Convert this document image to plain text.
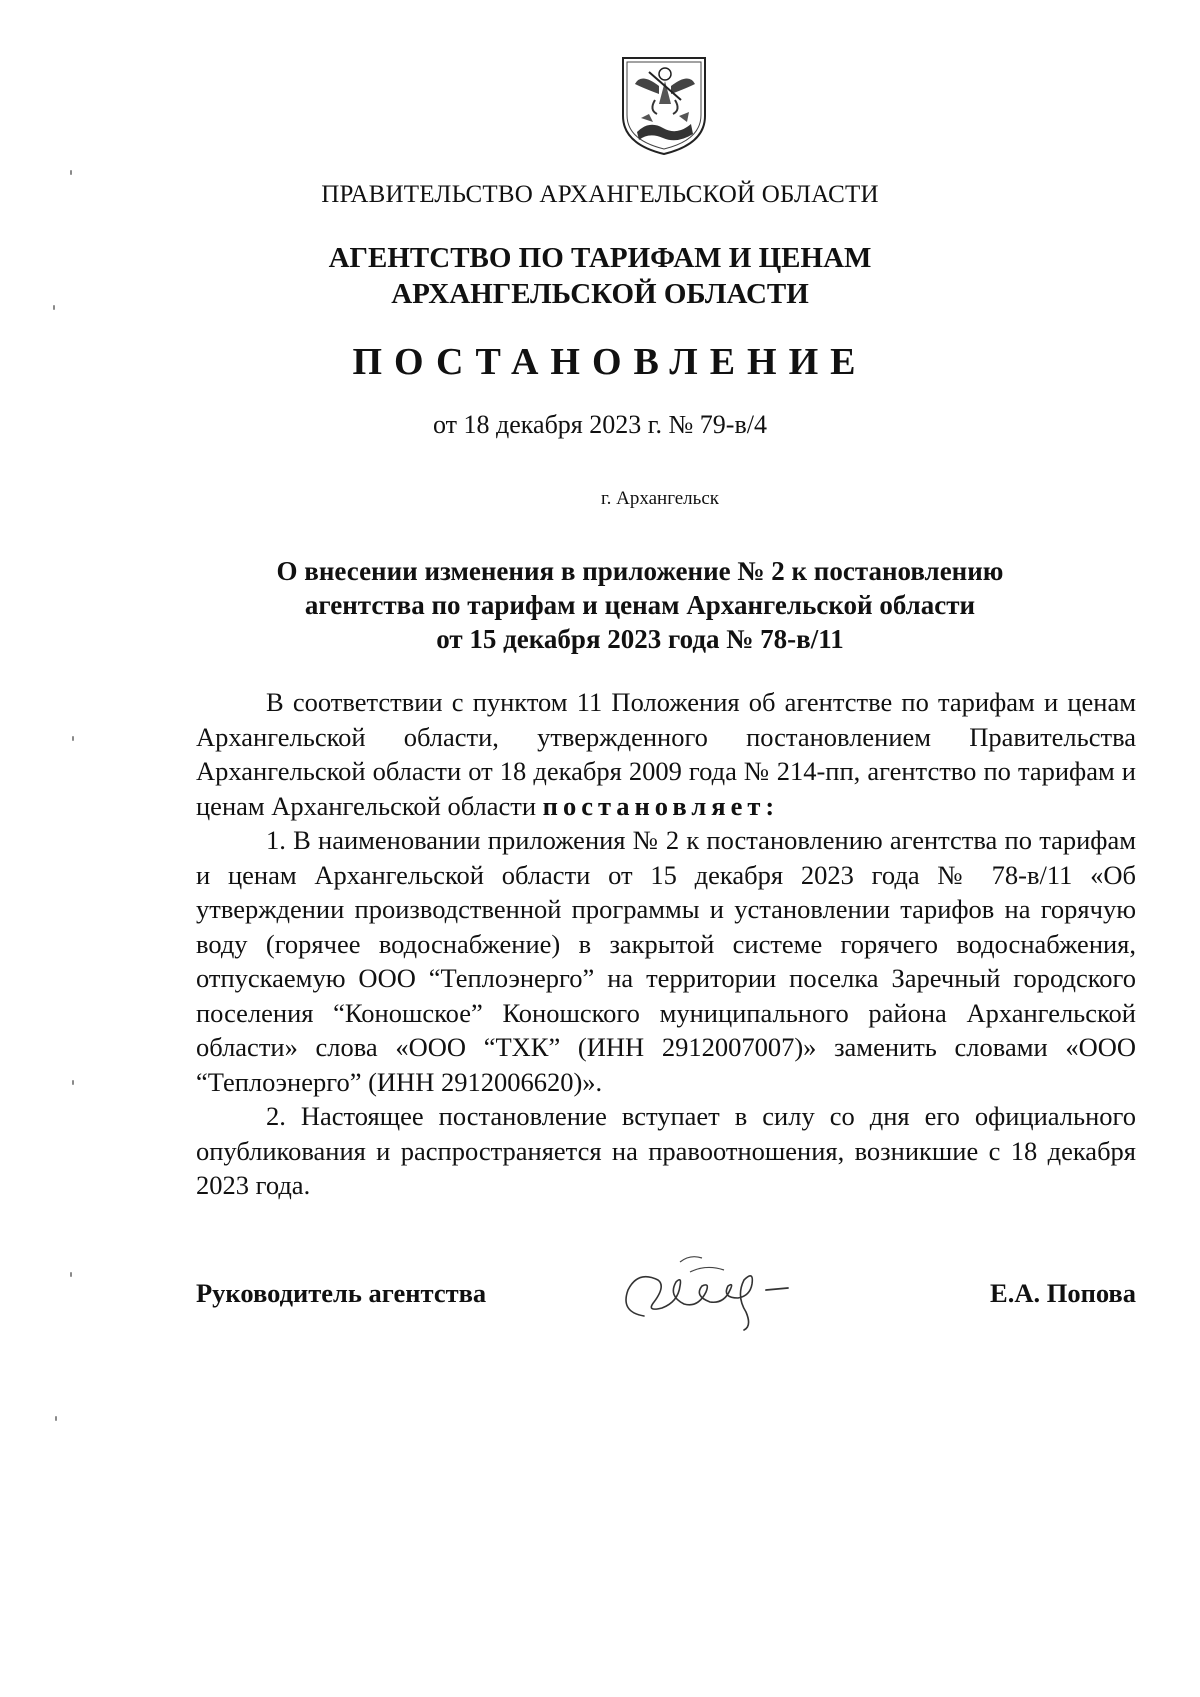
ПРАВИТЕЛЬСТВО АРХАНГЕЛЬСКОЙ ОБЛАСТИ
АГЕНТСТВО ПО ТАРИФАМ И ЦЕНАМ
АРХАНГЕЛЬСКОЙ ОБЛАСТИ
ПОСТАНОВЛЕНИЕ
от 18 декабря 2023 г. № 79-в/4
г. Архангельск
О внесении изменения в приложение № 2 к постановлению
агентства по тарифам и ценам Архангельской области
от 15 декабря 2023 года № 78-в/11

В соответствии с пунктом 11 Положения об агентстве по тарифам и ценам Архангельской области, утвержденного постановлением Правительства Архангельской области от 18 декабря 2009 года № 214-пп, агентство по тарифам и ценам Архангельской области постановляет:

1. В наименовании приложения № 2 к постановлению агентства по тарифам и ценам Архангельской области от 15 декабря 2023 года № 78-в/11 «Об утверждении производственной программы и установлении тарифов на горячую воду (горячее водоснабжение) в закрытой системе горячего водоснабжения, отпускаемую ООО “Теплоэнерго” на территории поселка Заречный городского поселения “Коношское” Коношского муниципального района Архангельской области» слова «ООО “ТХК” (ИНН 2912007007)» заменить словами «ООО “Теплоэнерго” (ИНН 2912006620)».

2. Настоящее постановление вступает в силу со дня его официального опубликования и распространяется на правоотношения, возникшие с 18 декабря 2023 года.

Руководитель агентства	Е.А. Попова
